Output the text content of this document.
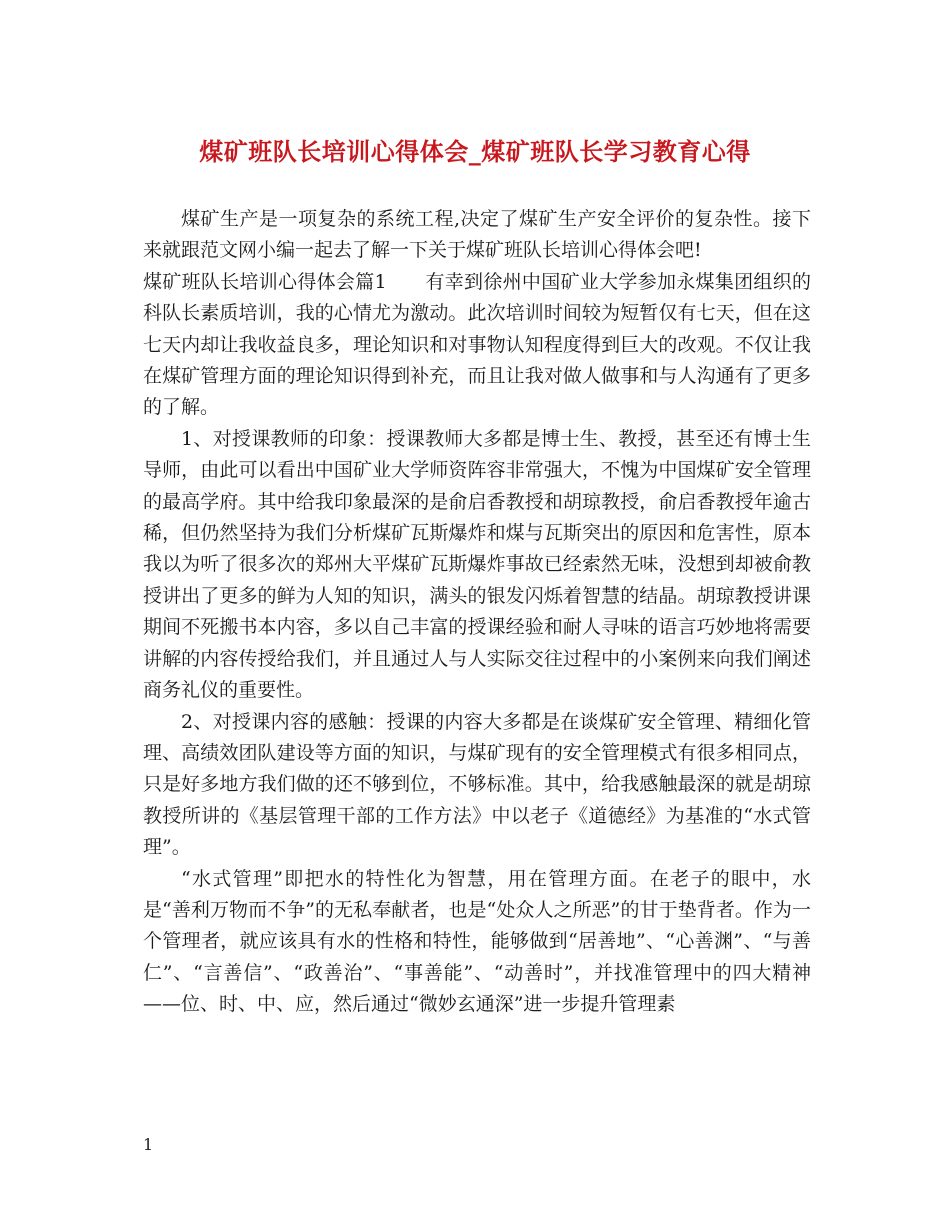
煤矿班队长培训心得体会_煤矿班队长学习教育心得

煤矿生产是一项复杂的系统工程,决定了煤矿生产安全评价的复杂性。接下来就跟范文网小编一起去了解一下关于煤矿班队长培训心得体会吧!

煤矿班队长培训心得体会篇1　　有幸到徐州中国矿业大学参加永煤集团组织的科队长素质培训，我的心情尤为激动。此次培训时间较为短暂仅有七天，但在这七天内却让我收益良多，理论知识和对事物认知程度得到巨大的改观。不仅让我在煤矿管理方面的理论知识得到补充，而且让我对做人做事和与人沟通有了更多的了解。

1、对授课教师的印象：授课教师大多都是博士生、教授，甚至还有博士生导师，由此可以看出中国矿业大学师资阵容非常强大，不愧为中国煤矿安全管理的最高学府。其中给我印象最深的是俞启香教授和胡琼教授，俞启香教授年逾古稀，但仍然坚持为我们分析煤矿瓦斯爆炸和煤与瓦斯突出的原因和危害性，原本我以为听了很多次的郑州大平煤矿瓦斯爆炸事故已经索然无味，没想到却被俞教授讲出了更多的鲜为人知的知识，满头的银发闪烁着智慧的结晶。胡琼教授讲课期间不死搬书本内容，多以自己丰富的授课经验和耐人寻味的语言巧妙地将需要讲解的内容传授给我们，并且通过人与人实际交往过程中的小案例来向我们阐述商务礼仪的重要性。

2、对授课内容的感触：授课的内容大多都是在谈煤矿安全管理、精细化管理、高绩效团队建设等方面的知识，与煤矿现有的安全管理模式有很多相同点，只是好多地方我们做的还不够到位，不够标准。其中，给我感触最深的就是胡琼教授所讲的《基层管理干部的工作方法》中以老子《道德经》为基准的“水式管理”。

“水式管理”即把水的特性化为智慧，用在管理方面。在老子的眼中，水是“善利万物而不争”的无私奉献者，也是“处众人之所恶”的甘于垫背者。作为一个管理者，就应该具有水的性格和特性，能够做到“居善地”、“心善渊”、“与善仁”、“言善信”、“政善治”、“事善能”、“动善时”，并找准管理中的四大精神——位、时、中、应，然后通过“微妙玄通深”进一步提升管理素

1
